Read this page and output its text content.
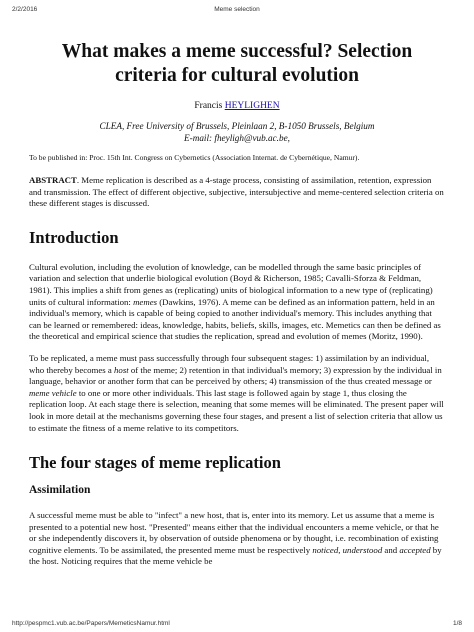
2/2/2016	Meme selection
What makes a meme successful? Selection criteria for cultural evolution
Francis HEYLIGHEN
CLEA, Free University of Brussels, Pleinlaan 2, B-1050 Brussels, Belgium
E-mail: fheyligh@vub.ac.be,
To be published in: Proc. 15th Int. Congress on Cybernetics (Association Internat. de Cybernétique, Namur).

ABSTRACT. Meme replication is described as a 4-stage process, consisting of assimilation, retention, expression and transmission. The effect of different objective, subjective, intersubjective and meme-centered selection criteria on these different stages is discussed.

Introduction

Cultural evolution, including the evolution of knowledge, can be modelled through the same basic principles of variation and selection that underlie biological evolution (Boyd & Richerson, 1985; Cavalli-Sforza & Feldman, 1981). This implies a shift from genes as (replicating) units of biological information to a new type of (replicating) units of cultural information: memes (Dawkins, 1976). A meme can be defined as an information pattern, held in an individual's memory, which is capable of being copied to another individual's memory. This includes anything that can be learned or remembered: ideas, knowledge, habits, beliefs, skills, images, etc. Memetics can then be defined as the theoretical and empirical science that studies the replication, spread and evolution of memes (Moritz, 1990).

To be replicated, a meme must pass successfully through four subsequent stages: 1) assimilation by an individual, who thereby becomes a host of the meme; 2) retention in that individual's memory; 3) expression by the individual in language, behavior or another form that can be perceived by others; 4) transmission of the thus created message or meme vehicle to one or more other individuals. This last stage is followed again by stage 1, thus closing the replication loop. At each stage there is selection, meaning that some memes will be eliminated. The present paper will look in more detail at the mechanisms governing these four stages, and present a list of selection criteria that allow us to estimate the fitness of a meme relative to its competitors.

The four stages of meme replication
Assimilation

A successful meme must be able to "infect" a new host, that is, enter into its memory. Let us assume that a meme is presented to a potential new host. "Presented" means either that the individual encounters a meme vehicle, or that he or she independently discovers it, by observation of outside phenomena or by thought, i.e. recombination of existing cognitive elements. To be assimilated, the presented meme must be respectively noticed, understood and accepted by the host. Noticing requires that the meme vehicle be

http://pespmc1.vub.ac.be/Papers/MemeticsNamur.html	1/8
